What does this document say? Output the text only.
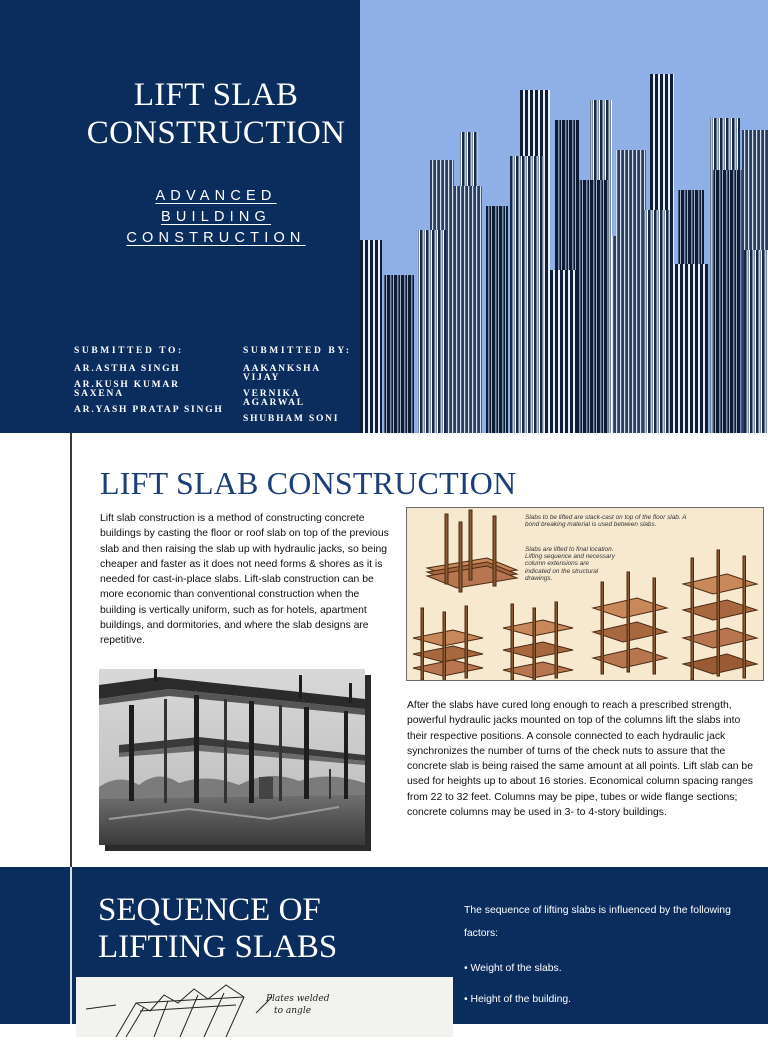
LIFT SLAB
CONSTRUCTION
ADVANCED
BUILDING
CONSTRUCTION
SUBMITTED TO:
AR.ASTHA SINGH
AR.KUSH KUMAR SAXENA
AR.YASH PRATAP SINGH
SUBMITTED BY:
AAKANKSHA VIJAY
VERNIKA AGARWAL
SHUBHAM SONI
LIFT SLAB CONSTRUCTION
Lift slab construction is a method of constructing concrete buildings by casting the floor or roof slab on top of the previous slab and then raising the slab up with hydraulic jacks, so being cheaper and faster as it does not need forms & shores as it is needed for cast-in-place slabs. Lift-slab construction can be more economic than conventional construction when the building is vertically uniform, such as for hotels, apartment buildings, and dormitories, and where the slab designs are repetitive.
Slabs to be lifted are stack-cast on top of the floor slab. A bond breaking material is used between slabs.
Slabs are lifted to final location. Lifting sequence and necessary column extensions are indicated on the structural drawings.
After the slabs have cured long enough to reach a prescribed strength, powerful hydraulic jacks mounted on top of the columns lift the slabs into their respective positions. A console connected to each hydraulic jack synchronizes the number of turns of the check nuts to assure that the concrete slab is being raised the same amount at all points. Lift slab can be used for heights up to about 16 stories. Economical column spacing ranges from 22 to 32 feet. Columns may be pipe, tubes or wide flange sections; concrete columns may be used in 3- to 4-story buildings.
SEQUENCE OF
LIFTING SLABS
The sequence of lifting slabs is influenced by the following factors:
• Weight of the slabs.
• Height of the building.
• Lifting capacity of jacks.
Plates welded
to angle
